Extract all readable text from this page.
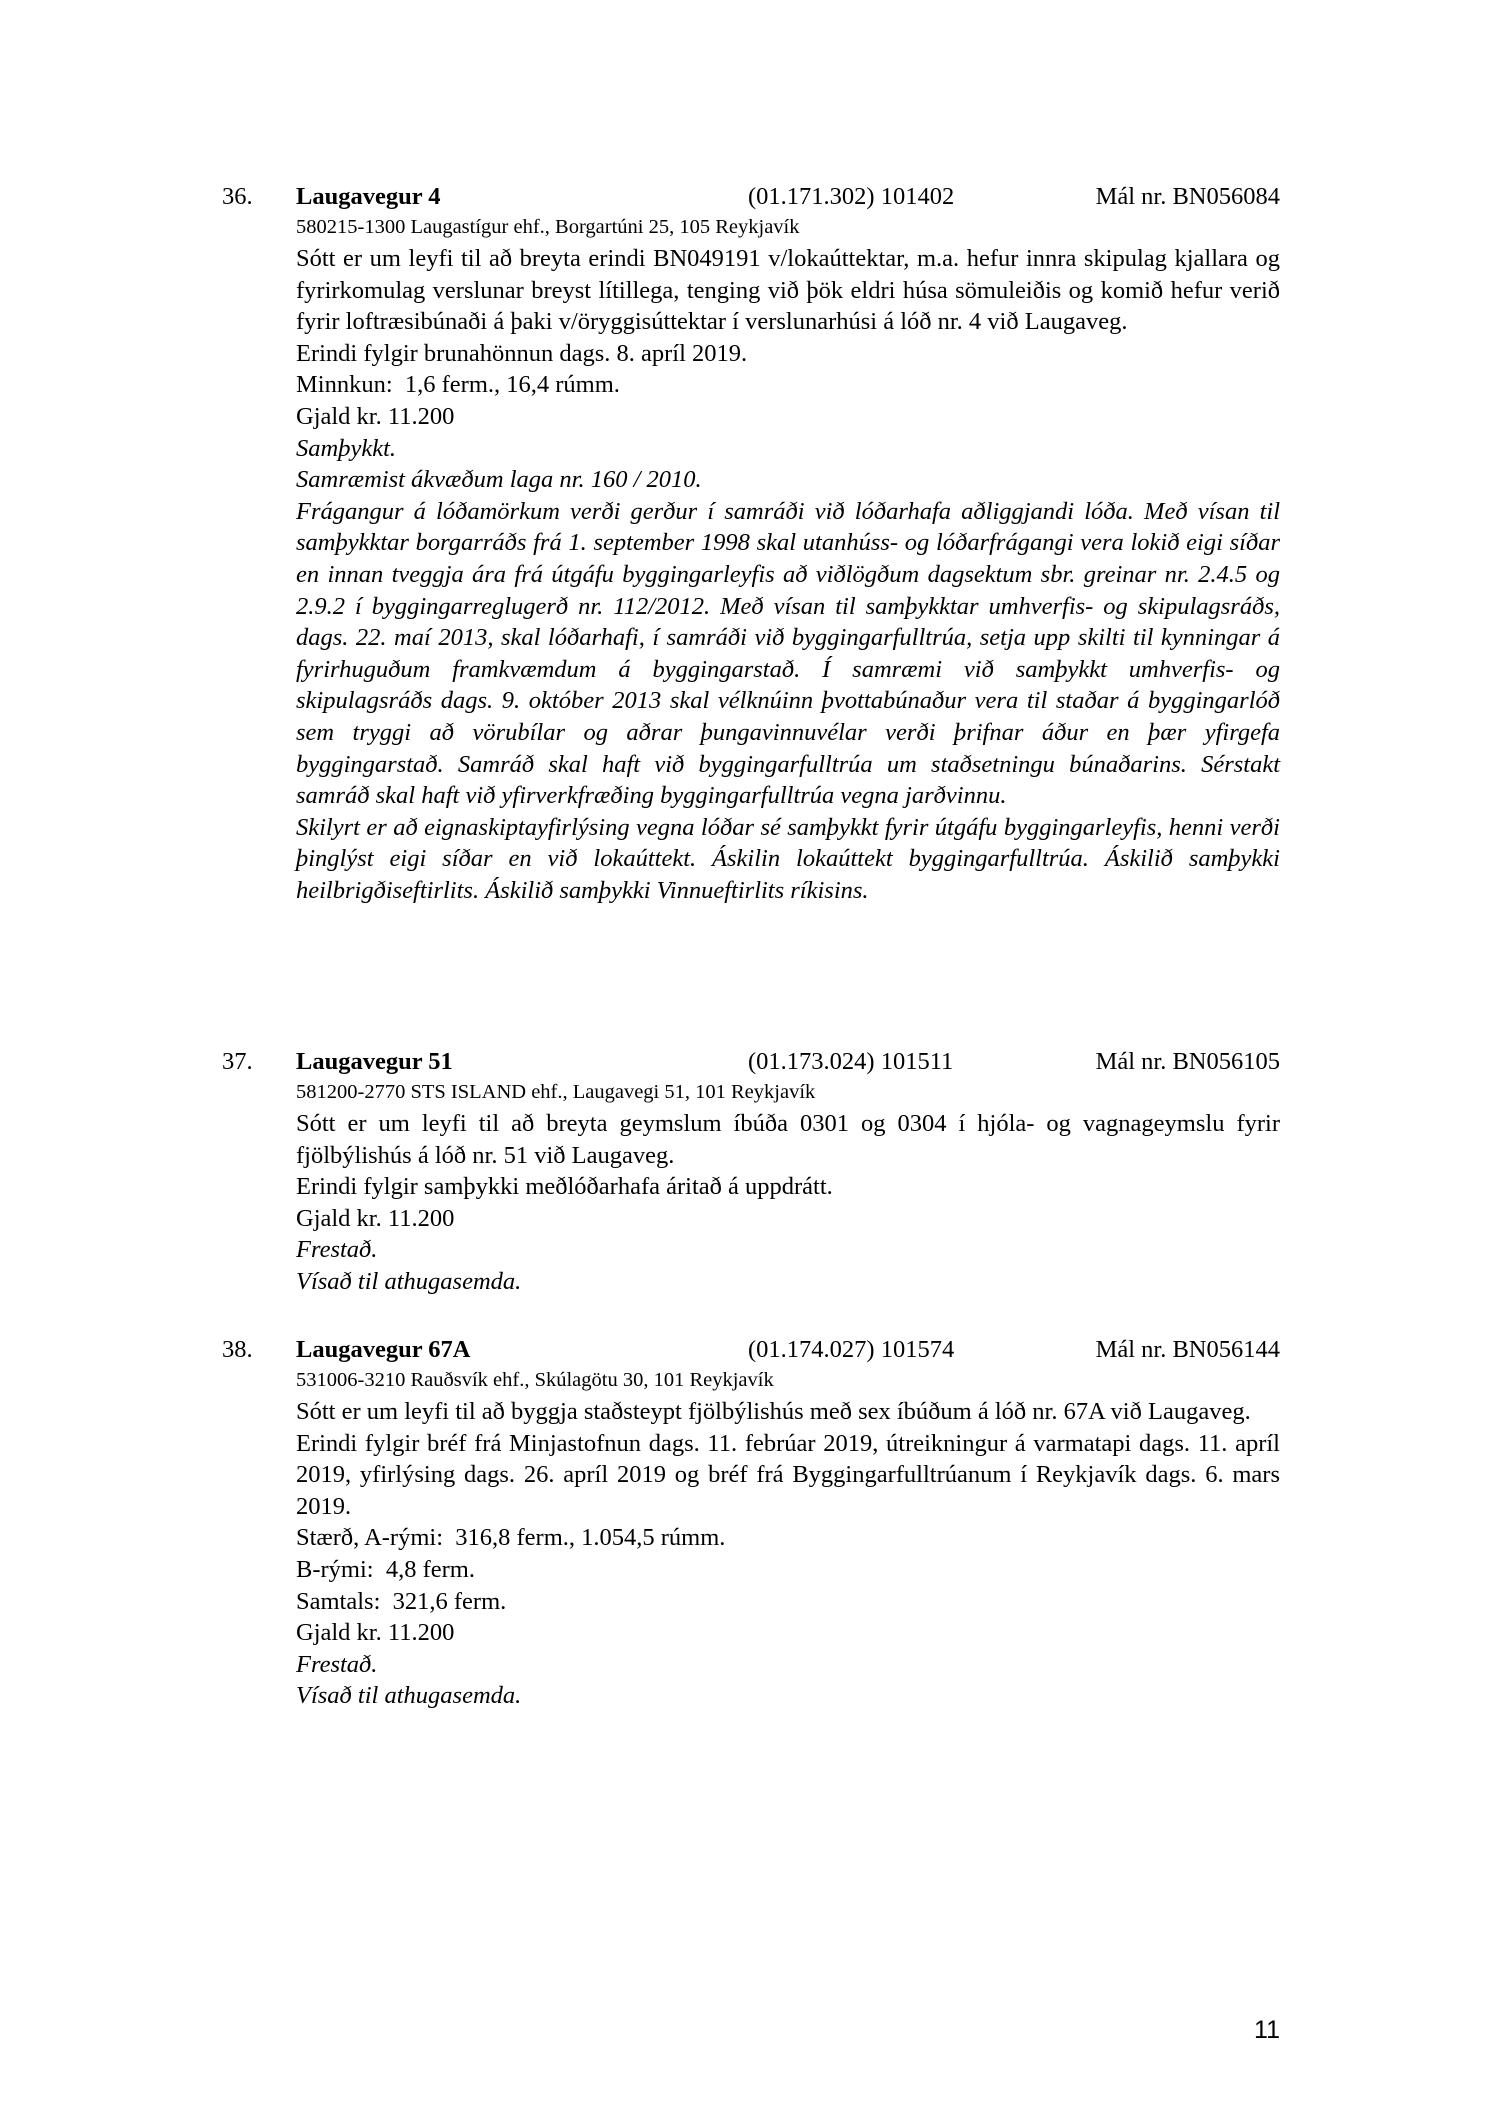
36. Laugavegur 4	(01.171.302) 101402	Mál nr. BN056084
580215-1300 Laugastígur ehf., Borgartúni 25, 105 Reykjavík

Sótt er um leyfi til að breyta erindi BN049191 v/lokaúttektar, m.a. hefur innra skipulag kjallara og fyrirkomulag verslunar breyst lítillega, tenging við þök eldri húsa sömuleiðis og komið hefur verið fyrir loftræsibúnaði á þaki v/öryggisúttektar í verslunarhúsi á lóð nr. 4 við Laugaveg.

Erindi fylgir brunahönnun dags. 8. apríl 2019.

Minnkun:  1,6 ferm., 16,4 rúmm.

Gjald kr. 11.200

Samþykkt.

Samræmist ákvæðum laga nr. 160 / 2010.

Frágangur á lóðamörkum verði gerður í samráði við lóðarhafa aðliggjandi lóða. Með vísan til samþykktar borgarráðs frá 1. september 1998 skal utanhúss- og lóðarfrágangi vera lokið eigi síðar en innan tveggja ára frá útgáfu byggingarleyfis að viðlögðum dagsektum sbr. greinar nr. 2.4.5 og 2.9.2 í byggingarreglugerð nr. 112/2012. Með vísan til samþykktar umhverfis- og skipulagsráðs, dags. 22. maí 2013, skal lóðarhafi, í samráði við byggingarfulltrúa, setja upp skilti til kynningar á fyrirhuguðum framkvæmdum á byggingarstað. Í samræmi við samþykkt umhverfis- og skipulagsráðs dags. 9. október 2013 skal vélknúinn þvottabúnaður vera til staðar á byggingarlóð sem tryggi að vörubílar og aðrar þungavinnuvélar verði þrifnar áður en þær yfirgefa byggingarstað. Samráð skal haft við byggingarfulltrúa um staðsetningu búnaðarins. Sérstakt samráð skal haft við yfirverkfræðing byggingarfulltrúa vegna jarðvinnu.

Skilyrt er að eignaskiptayfirlýsing vegna lóðar sé samþykkt fyrir útgáfu byggingarleyfis, henni verði þinglýst eigi síðar en við lokaúttekt. Áskilin lokaúttekt byggingarfulltrúa. Áskilið samþykki heilbrigðiseftirlits. Áskilið samþykki Vinnueftirlits ríkisins.

37. Laugavegur 51	(01.173.024) 101511	Mál nr. BN056105
581200-2770 STS ISLAND ehf., Laugavegi 51, 101 Reykjavík

Sótt er um leyfi til að breyta geymslum íbúða 0301 og 0304 í hjóla- og vagnageymslu fyrir fjölbýlishús á lóð nr. 51 við Laugaveg.

Erindi fylgir samþykki meðlóðarhafa áritað á uppdrátt.

Gjald kr. 11.200

Frestað.

Vísað til athugasemda.

38. Laugavegur 67A	(01.174.027) 101574	Mál nr. BN056144
531006-3210 Rauðsvík ehf., Skúlagötu 30, 101 Reykjavík

Sótt er um leyfi til að byggja staðsteypt fjölbýlishús með sex íbúðum á lóð nr. 67A við Laugaveg.

Erindi fylgir bréf frá Minjastofnun dags. 11. febrúar 2019, útreikningur á varmatapi dags. 11. apríl 2019, yfirlýsing dags. 26. apríl 2019 og bréf frá Byggingarfulltrúanum í Reykjavík dags. 6. mars 2019.

Stærð, A-rými:  316,8 ferm., 1.054,5 rúmm.

B-rými:  4,8 ferm.

Samtals:  321,6 ferm.

Gjald kr. 11.200

Frestað.

Vísað til athugasemda.

11
